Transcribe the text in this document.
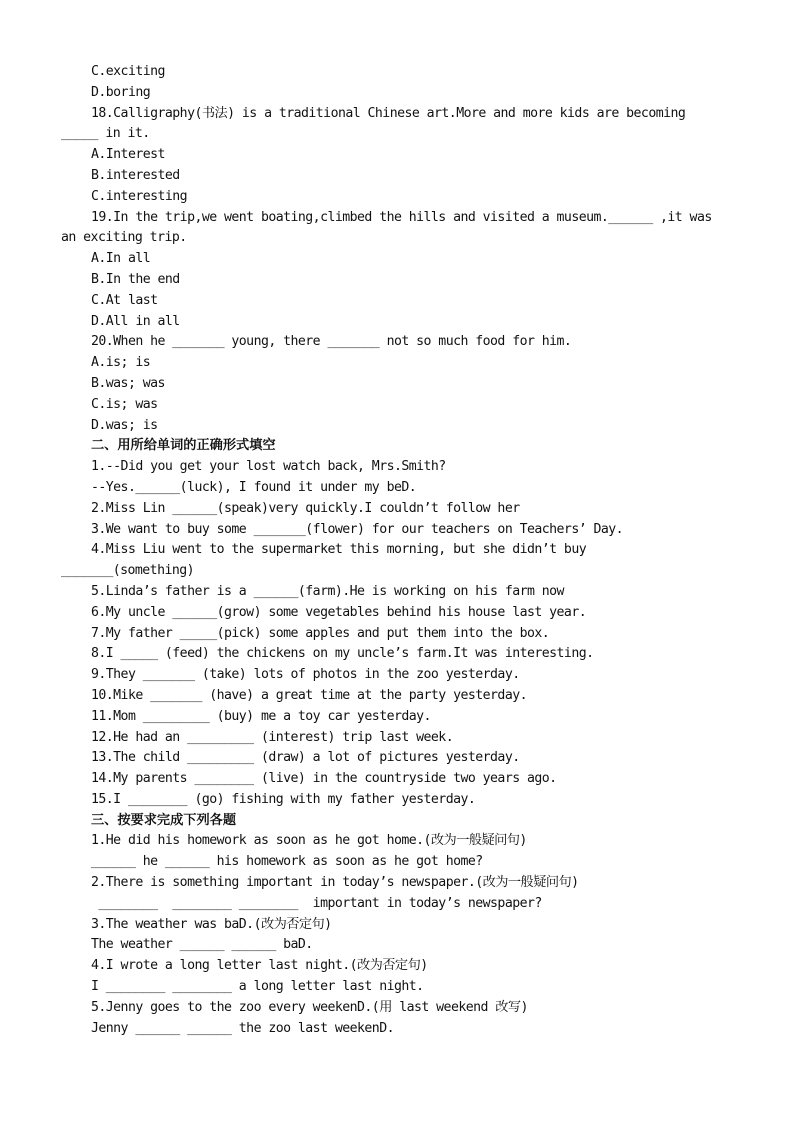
C.exciting
D.boring
18.Calligraphy(书法) is a traditional Chinese art.More and more kids are becoming
_____ in it.
A.Interest
B.interested
C.interesting
19.In the trip,we went boating,climbed the hills and visited a museum.______ ,it was
an exciting trip.
A.In all
B.In the end
C.At last
D.All in all
20.When he _______ young, there _______ not so much food for him.
A.is; is
B.was; was
C.is; was
D.was; is
二、用所给单词的正确形式填空
1.--Did you get your lost watch back, Mrs.Smith?
--Yes.______(luck), I found it under my beD.
2.Miss Lin ______(speak)very quickly.I couldn’t follow her
3.We want to buy some _______(flower) for our teachers on Teachers’ Day.
4.Miss Liu went to the supermarket this morning, but she didn’t buy
_______(something)
5.Linda’s father is a ______(farm).He is working on his farm now
6.My uncle ______(grow) some vegetables behind his house last year.
7.My father _____(pick) some apples and put them into the box.
8.I _____ (feed) the chickens on my uncle’s farm.It was interesting.
9.They _______ (take) lots of photos in the zoo yesterday.
10.Mike _______ (have) a great time at the party yesterday.
11.Mom _________ (buy) me a toy car yesterday.
12.He had an _________ (interest) trip last week.
13.The child _________ (draw) a lot of pictures yesterday.
14.My parents ________ (live) in the countryside two years ago.
15.I ________ (go) fishing with my father yesterday.
三、按要求完成下列各题
1.He did his homework as soon as he got home.(改为一般疑问句)
______ he ______ his homework as soon as he got home?
2.There is something important in today’s newspaper.(改为一般疑问句)
________  ________ ________  important in today’s newspaper?
3.The weather was baD.(改为否定句)
The weather ______ ______ baD.
4.I wrote a long letter last night.(改为否定句)
I ________ ________ a long letter last night.
5.Jenny goes to the zoo every weekenD.(用 last weekend 改写)
Jenny ______ ______ the zoo last weekenD.
